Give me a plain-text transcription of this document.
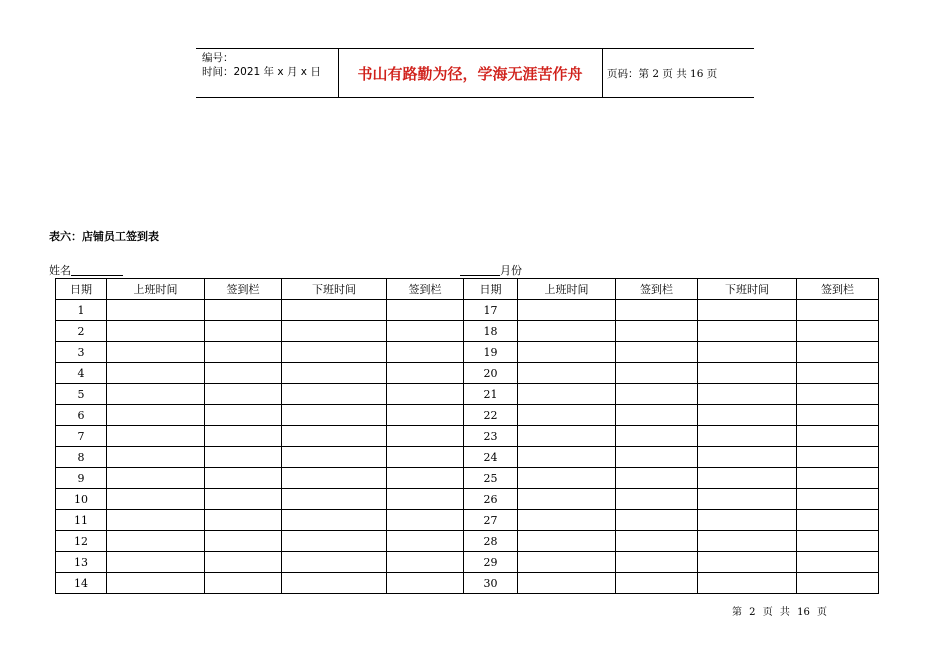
编号：
时间：2021 年 x 月 x 日	书山有路勤为径，学海无涯苦作舟	页码：第 2 页 共 16 页
表六：店铺员工签到表
姓名	月份
日期	上班时间	签到栏	下班时间	签到栏	日期	上班时间	签到栏	下班时间	签到栏
1					17				
2					18				
3					19				
4					20				
5					21				
6					22				
7					23				
8					24				
9					25				
10					26				
11					27				
12					28				
13					29				
14					30				
第 2 页 共 16 页
